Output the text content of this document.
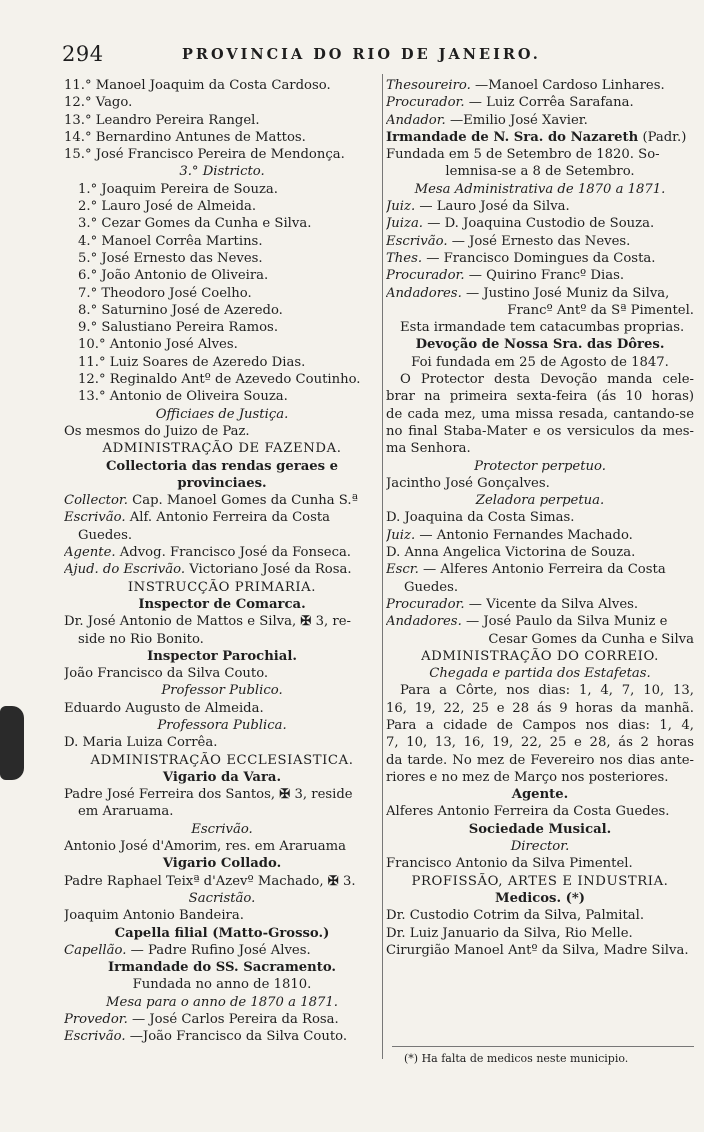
294	PROVINCIA DO RIO DE JANEIRO.
11.° Manoel Joaquim da Costa Cardoso.
12.° Vago.
13.° Leandro Pereira Rangel.
14.° Bernardino Antunes de Mattos.
15.° José Francisco Pereira de Mendonça.
3.° Districto.
1.° Joaquim Pereira de Souza.
2.° Lauro José de Almeida.
3.° Cezar Gomes da Cunha e Silva.
4.° Manoel Corrêa Martins.
5.° José Ernesto das Neves.
6.° João Antonio de Oliveira.
7.° Theodoro José Coelho.
8.° Saturnino José de Azeredo.
9.° Salustiano Pereira Ramos.
10.° Antonio José Alves.
11.° Luiz Soares de Azeredo Dias.
12.° Reginaldo Antº de Azevedo Coutinho.
13.° Antonio de Oliveira Souza.
Officiaes de Justiça.
Os mesmos do Juizo de Paz.
ADMINISTRAÇÃO DE FAZENDA.
Collectoria das rendas geraes e
provinciaes.
Collector. Cap. Manoel Gomes da Cunha S.ª
Escrivão. Alf. Antonio Ferreira da Costa
Guedes.
Agente. Advog. Francisco José da Fonseca.
Ajud. do Escrivão. Victoriano José da Rosa.
INSTRUCÇÃO PRIMARIA.
Inspector de Comarca.
Dr. José Antonio de Mattos e Silva, ✠ 3, re-
side no Rio Bonito.
Inspector Parochial.
João Francisco da Silva Couto.
Professor Publico.
Eduardo Augusto de Almeida.
Professora Publica.
D. Maria Luiza Corrêa.
ADMINISTRAÇÃO ECCLESIASTICA.
Vigario da Vara.
Padre José Ferreira dos Santos, ✠ 3, reside
em Araruama.
Escrivão.
Antonio José d'Amorim, res. em Araruama
Vigario Collado.
Padre Raphael Teixª d'Azevº Machado, ✠ 3.
Sacristão.
Joaquim Antonio Bandeira.
Capella filial (Matto-Grosso.)
Capellão. — Padre Rufino José Alves.
Irmandade do SS. Sacramento.
Fundada no anno de 1810.
Mesa para o anno de 1870 a 1871.
Provedor. — José Carlos Pereira da Rosa.
Escrivão. —João Francisco da Silva Couto.
Thesoureiro. —Manoel Cardoso Linhares.
Procurador. — Luiz Corrêa Sarafana.
Andador. —Emilio José Xavier.
Irmandade de N. Sra. do Nazareth (Padr.)
Fundada em 5 de Setembro de 1820. So-
lemnisa-se a 8 de Setembro.
Mesa Administrativa de 1870 a 1871.
Juiz. — Lauro José da Silva.
Juiza. — D. Joaquina Custodio de Souza.
Escrivão. — José Ernesto das Neves.
Thes. — Francisco Domingues da Costa.
Procurador. — Quirino Francº Dias.
Andadores. — Justino José Muniz da Silva,
Francº Antº da Sª Pimentel.
Esta irmandade tem catacumbas proprias.
Devoção de Nossa Sra. das Dôres.
Foi fundada em 25 de Agosto de 1847.
O Protector desta Devoção manda cele-
brar na primeira sexta-feira (ás 10 horas)
de cada mez, uma missa resada, cantando-se
no final Staba-Mater e os versiculos da mes-
ma Senhora.
Protector perpetuo.
Jacintho José Gonçalves.
Zeladora perpetua.
D. Joaquina da Costa Simas.
Juiz. — Antonio Fernandes Machado.
D. Anna Angelica Victorina de Souza.
Escr. — Alferes Antonio Ferreira da Costa
Guedes.
Procurador. — Vicente da Silva Alves.
Andadores. — José Paulo da Silva Muniz e
Cesar Gomes da Cunha e Silva
ADMINISTRAÇÃO DO CORREIO.
Chegada e partida dos Estafetas.
Para a Côrte, nos dias: 1, 4, 7, 10, 13,
16, 19, 22, 25 e 28 ás 9 horas da manhã.
Para a cidade de Campos nos dias: 1, 4,
7, 10, 13, 16, 19, 22, 25 e 28, ás 2 horas
da tarde. No mez de Fevereiro nos dias ante-
riores e no mez de Março nos posteriores.
Agente.
Alferes Antonio Ferreira da Costa Guedes.
Sociedade Musical.
Director.
Francisco Antonio da Silva Pimentel.
PROFISSÃO, ARTES E INDUSTRIA.
Medicos. (*)
Dr. Custodio Cotrim da Silva, Palmital.
Dr. Luiz Januario da Silva, Rio Melle.
Cirurgião Manoel Antº da Silva, Madre Silva.
(*) Ha falta de medicos neste municipio.
